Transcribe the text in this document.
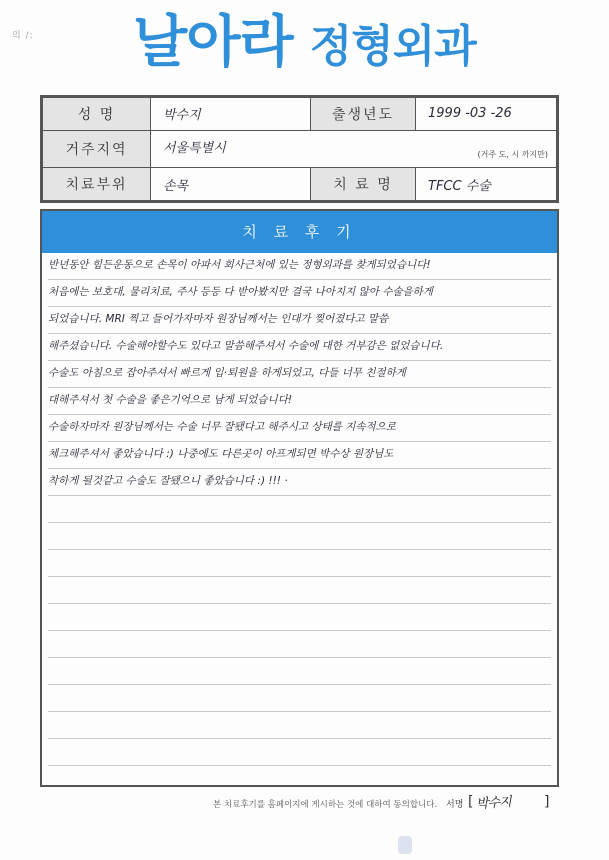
의 /:	날아라 정형외과
성 명	박수지	출생년도	1999 -03 -26
거주지역	서울특별시 (거주 도, 시 까지만)		

치료부위	손목	치 료 명	TFCC 수술
치 료 후 기
반년동안 힘든운동으로 손목이 아파서 회사근처에 있는 정형외과를 찾게되었습니다!
처음에는 보호대, 물리치료, 주사 등등 다 받아봤지만 결국 나아지지 않아 수술을하게
되었습니다. MRI 찍고 들어가자마자 원장님께서는 인대가 찢어졌다고 말씀
해주셨습니다. 수술해야할수도 있다고 말씀해주셔서 수술에 대한 거부감은 없었습니다.
수술도 아침으로 잡아주셔서 빠르게 입·퇴원을 하게되었고, 다들 너무 친절하게
대해주셔서 첫 수술을 좋은기억으로 남게 되었습니다!
수술하자마자 원장님께서는 수술 너무 잘됐다고 해주시고 상태를 지속적으로
체크해주셔서 좋았습니다 :) 나중에도 다른곳이 아프게되면 박수상 원장님도
착하게 될것같고 수술도 잘됐으니 좋았습니다 :) !!! ·
본 치료후기를 홈페이지에 게시하는 것에 대하여 동의합니다. 서명 [ 박수지 ]
